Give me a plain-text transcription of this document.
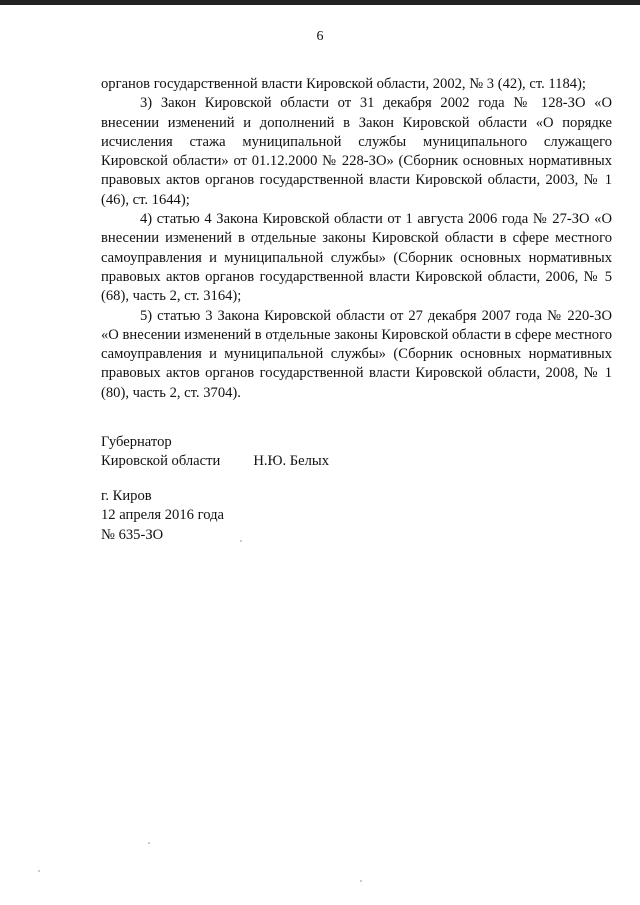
6

органов государственной власти Кировской области, 2002, № 3 (42), ст. 1184);

3) Закон Кировской области от 31 декабря 2002 года № 128-ЗО «О внесении изменений и дополнений в Закон Кировской области «О порядке исчисления стажа муниципальной службы муниципального служащего Кировской области» от 01.12.2000 № 228-ЗО» (Сборник основных нормативных правовых актов органов государственной власти Кировской области, 2003, № 1 (46), ст. 1644);

4) статью 4 Закона Кировской области от 1 августа 2006 года № 27-ЗО «О внесении изменений в отдельные законы Кировской области в сфере местного самоуправления и муниципальной службы» (Сборник основных нормативных правовых актов органов государственной власти Кировской области, 2006, № 5 (68), часть 2, ст. 3164);

5) статью 3 Закона Кировской области от 27 декабря 2007 года № 220-ЗО «О внесении изменений в отдельные законы Кировской области в сфере местного самоуправления и муниципальной службы» (Сборник основных нормативных правовых актов органов государственной власти Кировской области, 2008, № 1 (80), часть 2, ст. 3704).

Губернатор
Кировской области Н.Ю. Белых
г. Киров
12 апреля 2016 года
№ 635-ЗО
